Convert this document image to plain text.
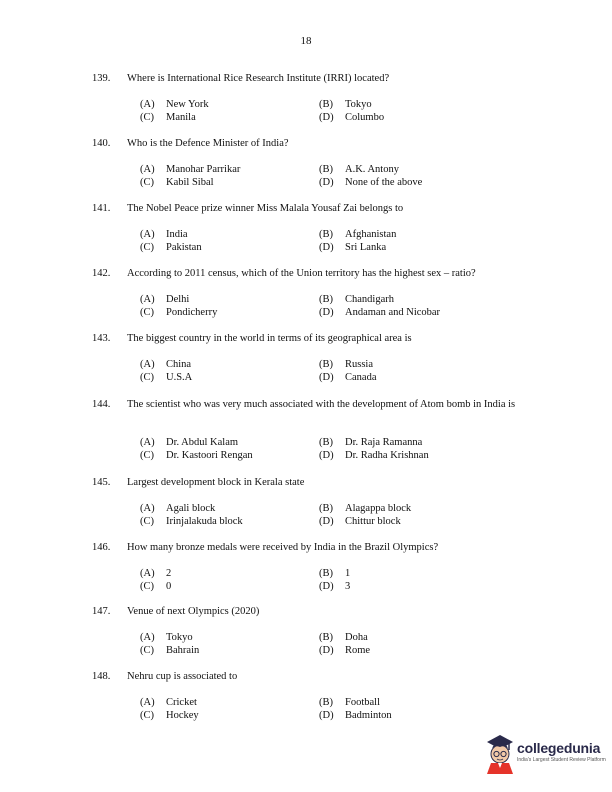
18
139. Where is International Rice Research Institute (IRRI) located?
(A) New York	(B) Tokyo
(C) Manila	(D) Columbo
140. Who is the Defence Minister of India?
(A) Manohar Parrikar	(B) A.K. Antony
(C) Kabil Sibal	(D) None of the above
141. The Nobel Peace prize winner Miss Malala Yousaf Zai belongs to
(A) India	(B) Afghanistan
(C) Pakistan	(D) Sri Lanka
142. According to 2011 census, which of the Union territory has the highest sex – ratio?
(A) Delhi	(B) Chandigarh
(C) Pondicherry	(D) Andaman and Nicobar
143. The biggest country in the world in terms of its geographical area is
(A) China	(B) Russia
(C) U.S.A	(D) Canada
144. The scientist who was very much associated with the development of Atom bomb in India is
(A) Dr. Abdul Kalam	(B) Dr. Raja Ramanna
(C) Dr. Kastoori Rengan	(D) Dr. Radha Krishnan
145. Largest development block in Kerala state
(A) Agali block	(B) Alagappa block
(C) Irinjalakuda block	(D) Chittur block
146. How many bronze medals were received by India in the Brazil Olympics?
(A) 2	(B) 1
(C) 0	(D) 3
147. Venue of next Olympics (2020)
(A) Tokyo	(B) Doha
(C) Bahrain	(D) Rome
148. Nehru cup is associated to
(A) Cricket	(B) Football
(C) Hockey	(D) Badminton
collegedunia
India's Largest Student Review Platform
